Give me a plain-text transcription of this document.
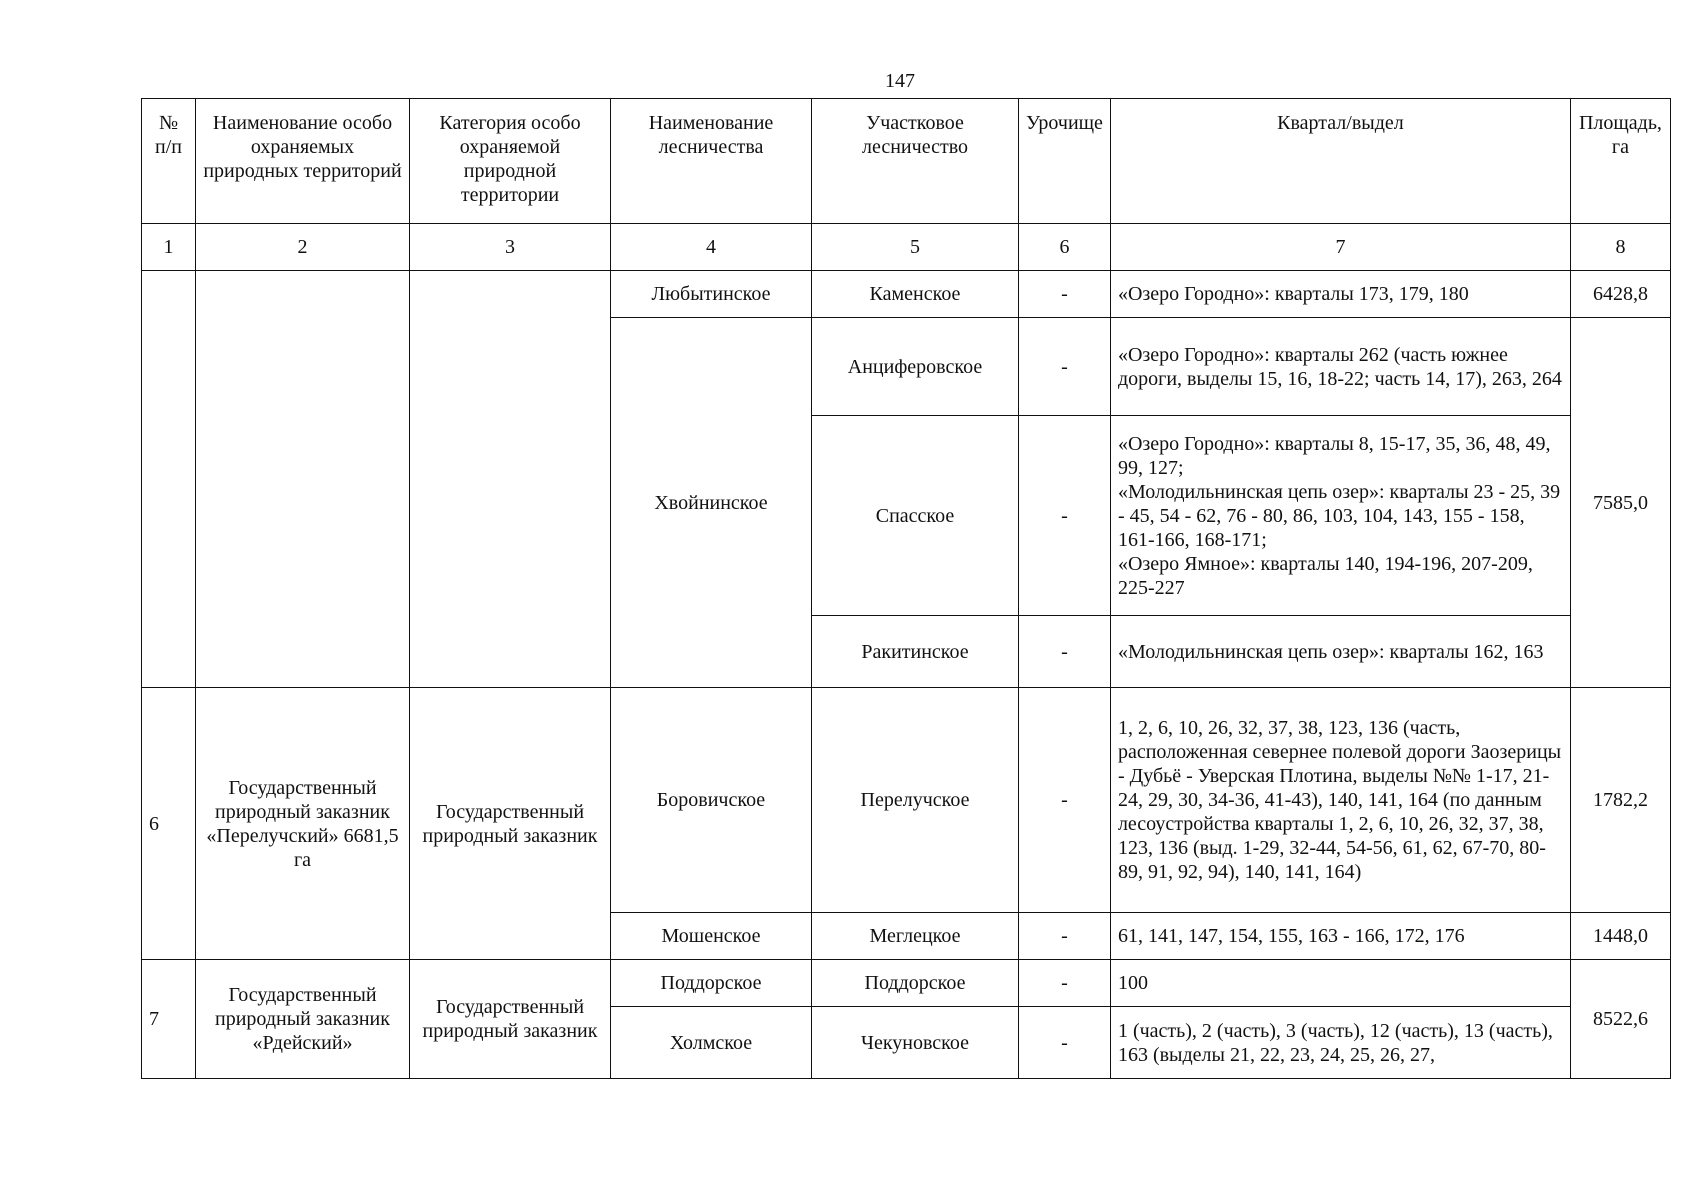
147
№ п/п	Наименование особо охраняемых природных территорий	Категория особо охраняемой природной территории	Наименование лесничества	Участковое лесничество	Урочище	Квартал/выдел	Площадь, га
1	2	3	4	5	6	7	8
			Любытинское	Каменское	-	«Озеро Городно»: кварталы 173, 179, 180	6428,8
			Хвойнинское	Анциферовское	-	«Озеро Городно»: кварталы 262 (часть южнее дороги, выделы 15, 16, 18-22; часть 14, 17), 263, 264	7585,0
				Спасское	-	«Озеро Городно»: кварталы 8, 15-17, 35, 36, 48, 49, 99, 127;
«Молодильнинская цепь озер»: кварталы 23 - 25, 39 - 45, 54 - 62, 76 - 80, 86, 103, 104, 143, 155 - 158, 161-166, 168-171;
«Озеро Ямное»: кварталы 140, 194-196, 207-209, 225-227	
				Ракитинское	-	«Молодильнинская цепь озер»: кварталы 162, 163	
6	Государственный природный заказник «Перелучский» 6681,5 га	Государственный природный заказник	Боровичское	Перелучское	-	1, 2, 6, 10, 26, 32, 37, 38, 123, 136 (часть, расположенная севернее полевой дороги Заозерицы - Дубьё - Уверская Плотина, выделы №№ 1-17, 21-24, 29, 30, 34-36, 41-43), 140, 141, 164 (по данным лесоустройства кварталы 1, 2, 6, 10, 26, 32, 37, 38, 123, 136 (выд. 1-29, 32-44, 54-56, 61, 62, 67-70, 80-89, 91, 92, 94), 140, 141, 164)	1782,2
			Мошенское	Меглецкое	-	61, 141, 147, 154, 155, 163 - 166, 172, 176	1448,0
7	Государственный природный заказник «Рдейский»	Государственный природный заказник	Поддорское	Поддорское	-	100	8522,6
			Холмское	Чекуновское	-	1 (часть), 2 (часть), 3 (часть), 12 (часть), 13 (часть), 163 (выделы 21, 22, 23, 24, 25, 26, 27,	
